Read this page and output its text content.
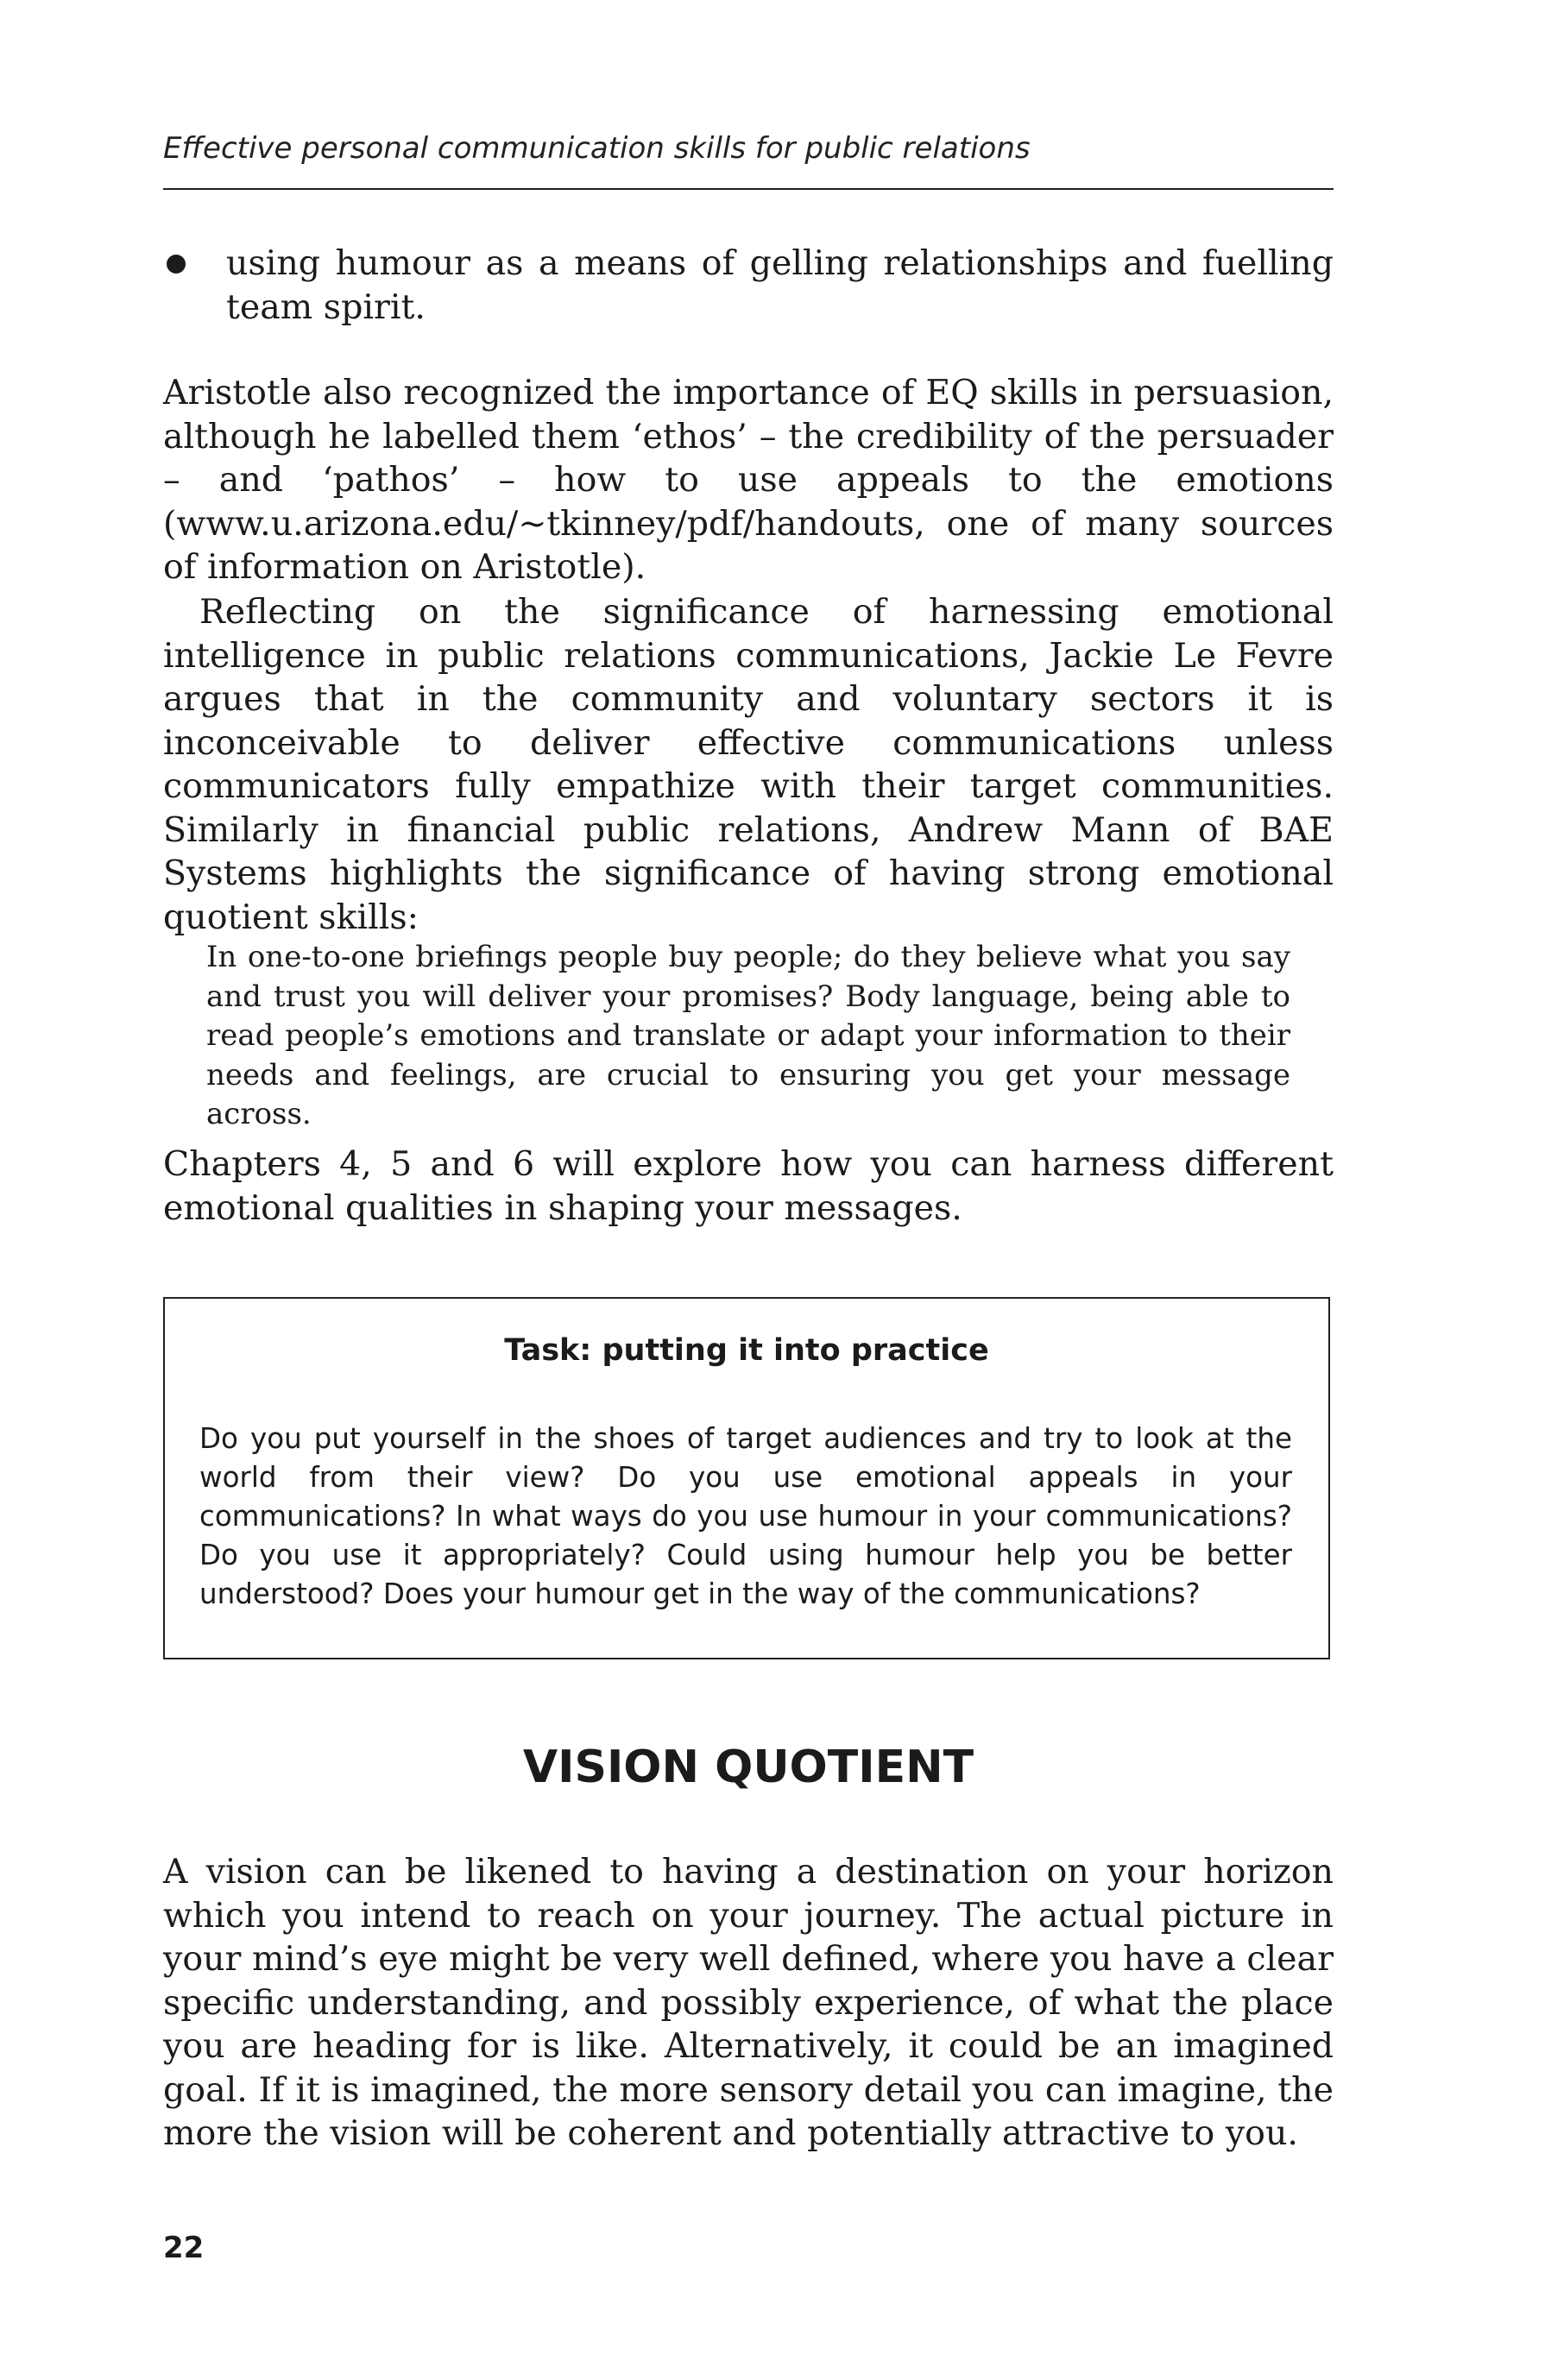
Effective personal communication skills for public relations
using humour as a means of gelling relationships and fuelling team spirit.

Aristotle also recognized the importance of EQ skills in persuasion, although he labelled them ‘ethos’ – the credibility of the persuader – and ‘pathos’ – how to use appeals to the emotions (www.u.arizona.edu/~tkinney/pdf/handouts, one of many sources of information on Aristotle).

Reflecting on the significance of harnessing emotional intelligence in public relations communications, Jackie Le Fevre argues that in the community and voluntary sectors it is inconceivable to deliver effective communications unless communicators fully empathize with their target communities. Similarly in financial public relations, Andrew Mann of BAE Systems highlights the significance of having strong emotional quotient skills:

In one-to-one briefings people buy people; do they believe what you say and trust you will deliver your promises? Body language, being able to read people’s emotions and translate or adapt your information to their needs and feelings, are crucial to ensuring you get your message across.

Chapters 4, 5 and 6 will explore how you can harness different emotional qualities in shaping your messages.

Task: putting it into practice

Do you put yourself in the shoes of target audiences and try to look at the world from their view? Do you use emotional appeals in your communications? In what ways do you use humour in your communications? Do you use it appropriately? Could using humour help you be better understood? Does your humour get in the way of the communications?

VISION QUOTIENT

A vision can be likened to having a destination on your horizon which you intend to reach on your journey. The actual picture in your mind’s eye might be very well defined, where you have a clear specific understanding, and possibly experience, of what the place you are heading for is like. Alternatively, it could be an imagined goal. If it is imagined, the more sensory detail you can imagine, the more the vision will be coherent and potentially attractive to you.

22
